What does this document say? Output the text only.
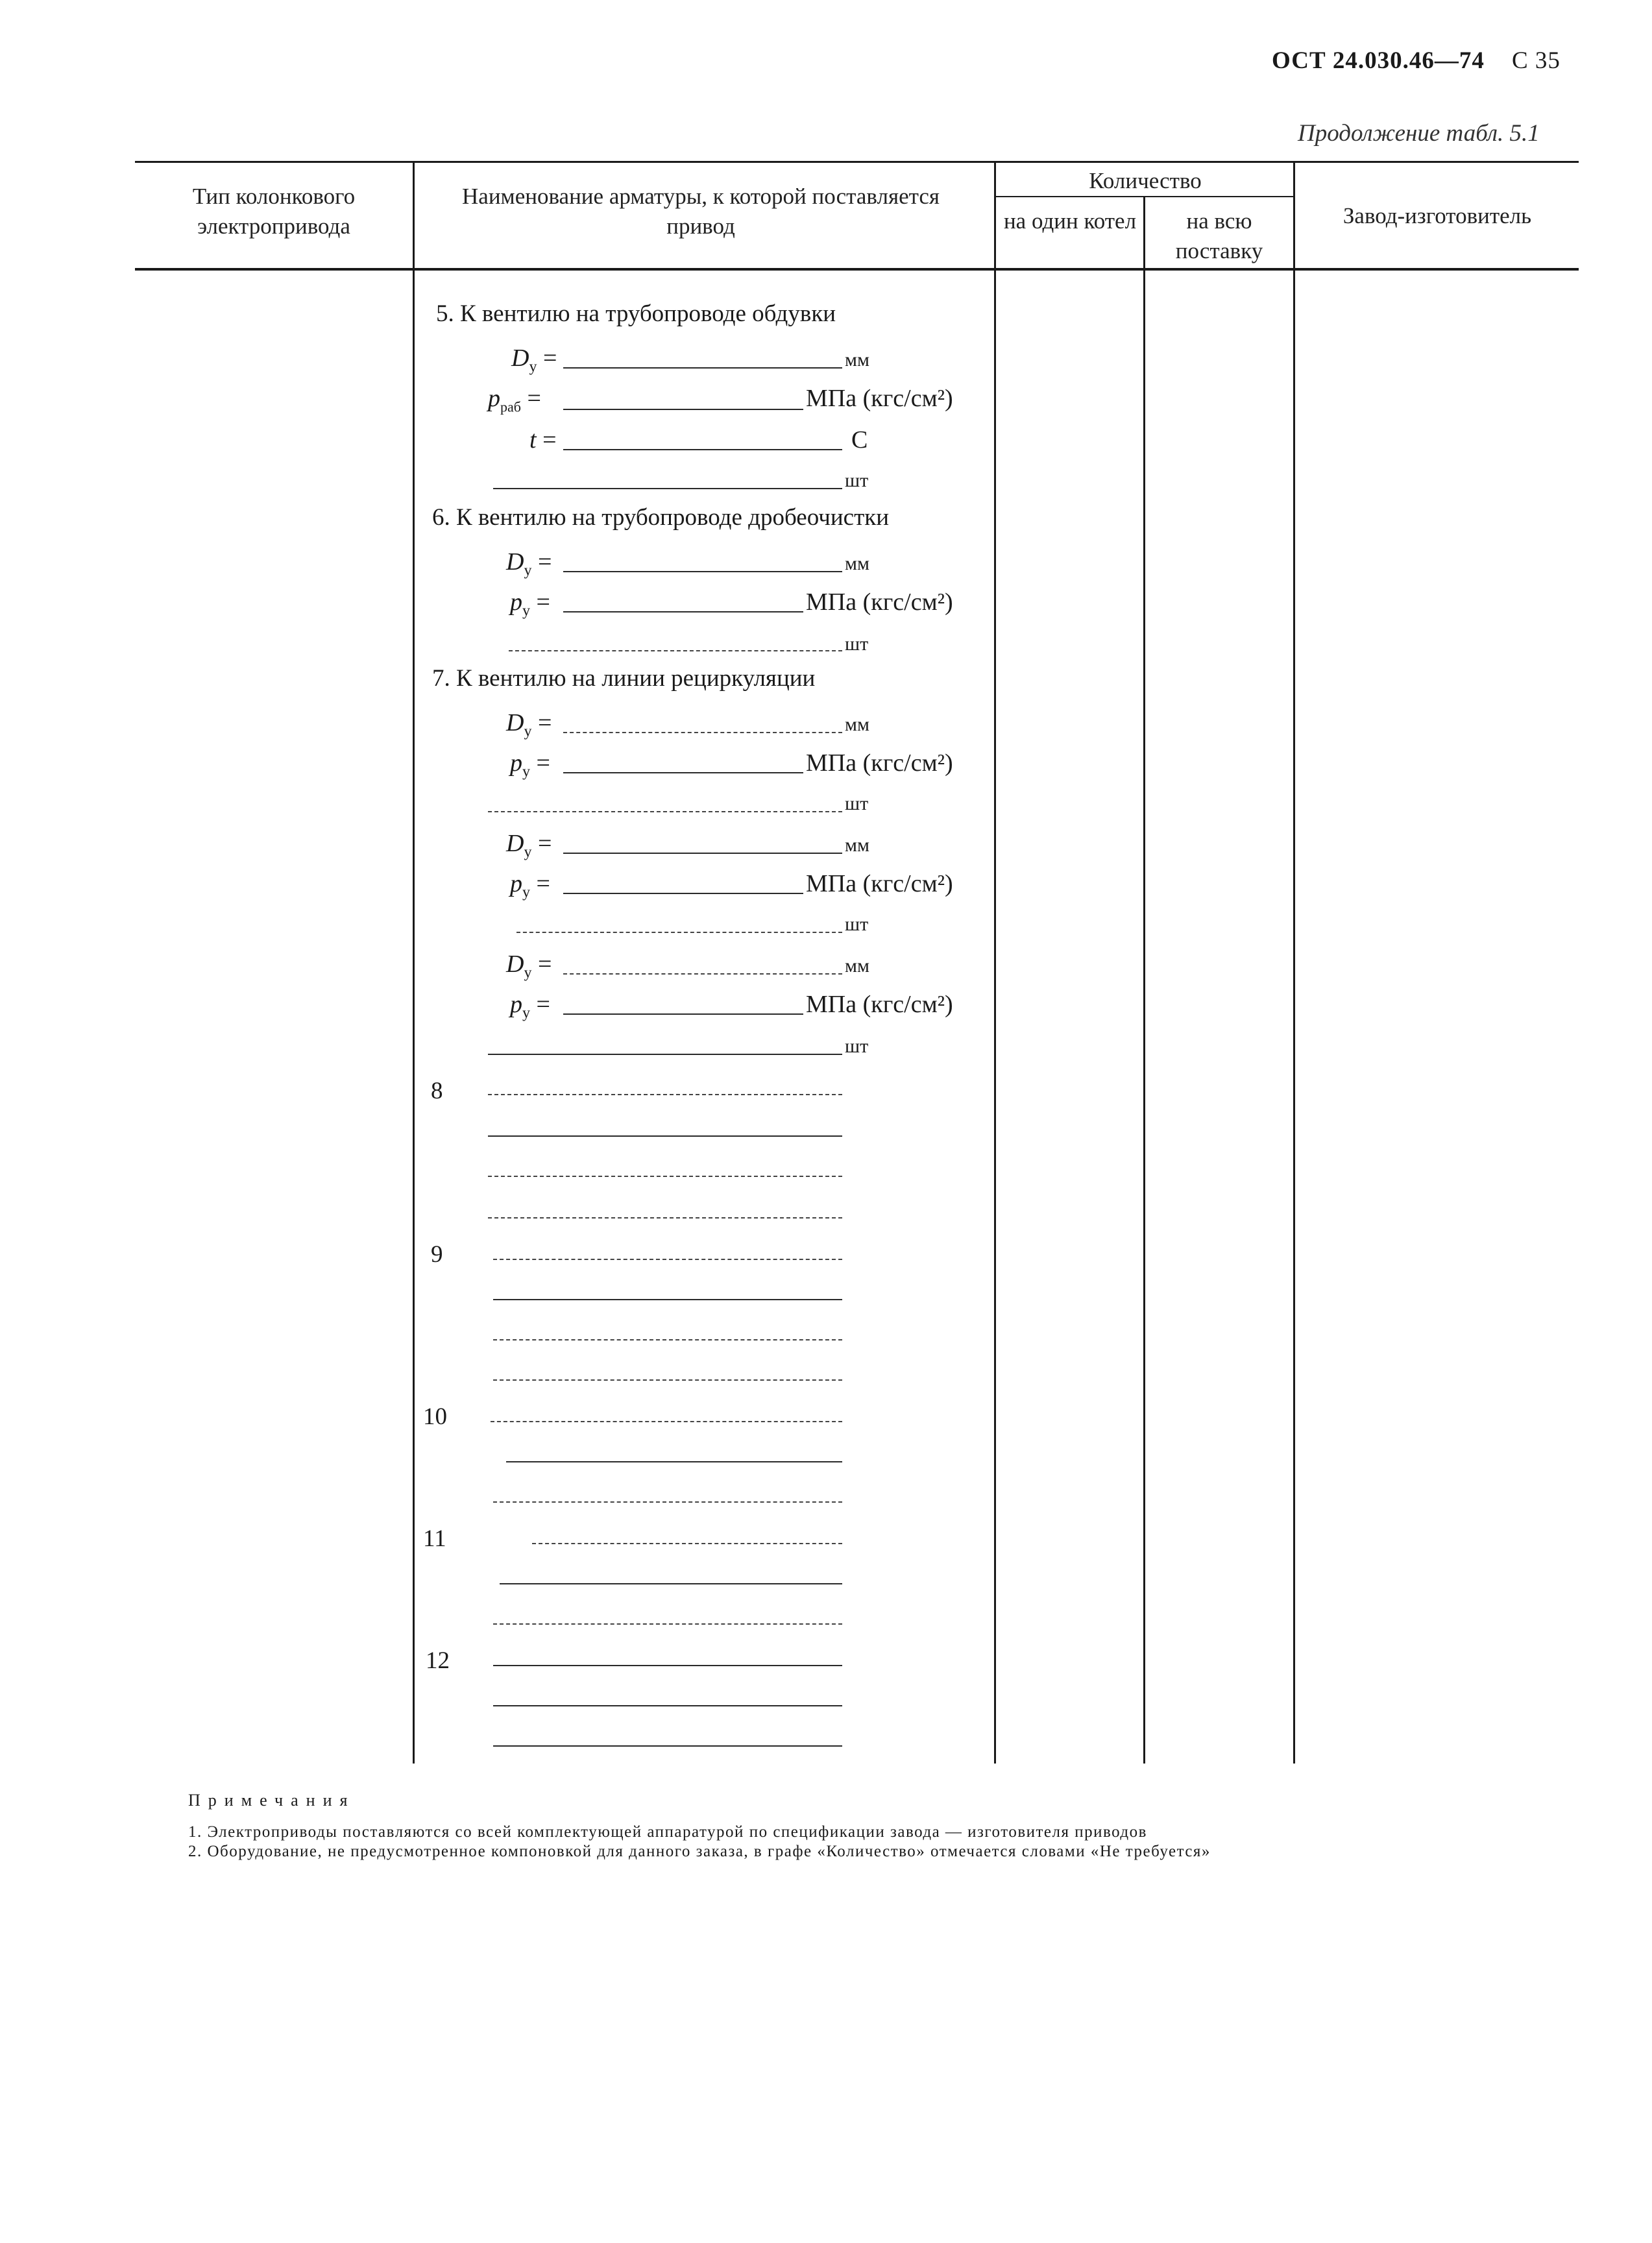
ОСТ 24.030.46—74 С 35
Продолжение табл. 5.1
Тип колонкового электропривода
Наименование арматуры, к которой поставляется привод
Количество
на один котел	на всю поставку
Завод-изготовитель
5. К вентилю на трубопроводе обдувки
$D_у$ =	мм
$p_{раб}$ =	МПа (кгс/см²)
t =	С
шт
6. К вентилю на трубопроводе дробеочистки
$D_у$ =	мм
$p_у$ =	МПа (кгс/см²)
шт
7. К вентилю на линии рециркуляции
$D_у$ =	мм
$p_у$ =	МПа (кгс/см²)
шт
$D_у$ =	мм
$p_у$ =	МПа (кгс/см²)
шт
$D_у$ =	мм
$p_у$ =	МПа (кгс/см²)
шт
8
9
10
11
12
Примечания
1. Электроприводы поставляются со всей комплектующей аппаратурой по спецификации завода — изготовителя приводов
2. Оборудование, не предусмотренное компоновкой для данного заказа, в графе «Количество» отмечается словами «Не требуется»
